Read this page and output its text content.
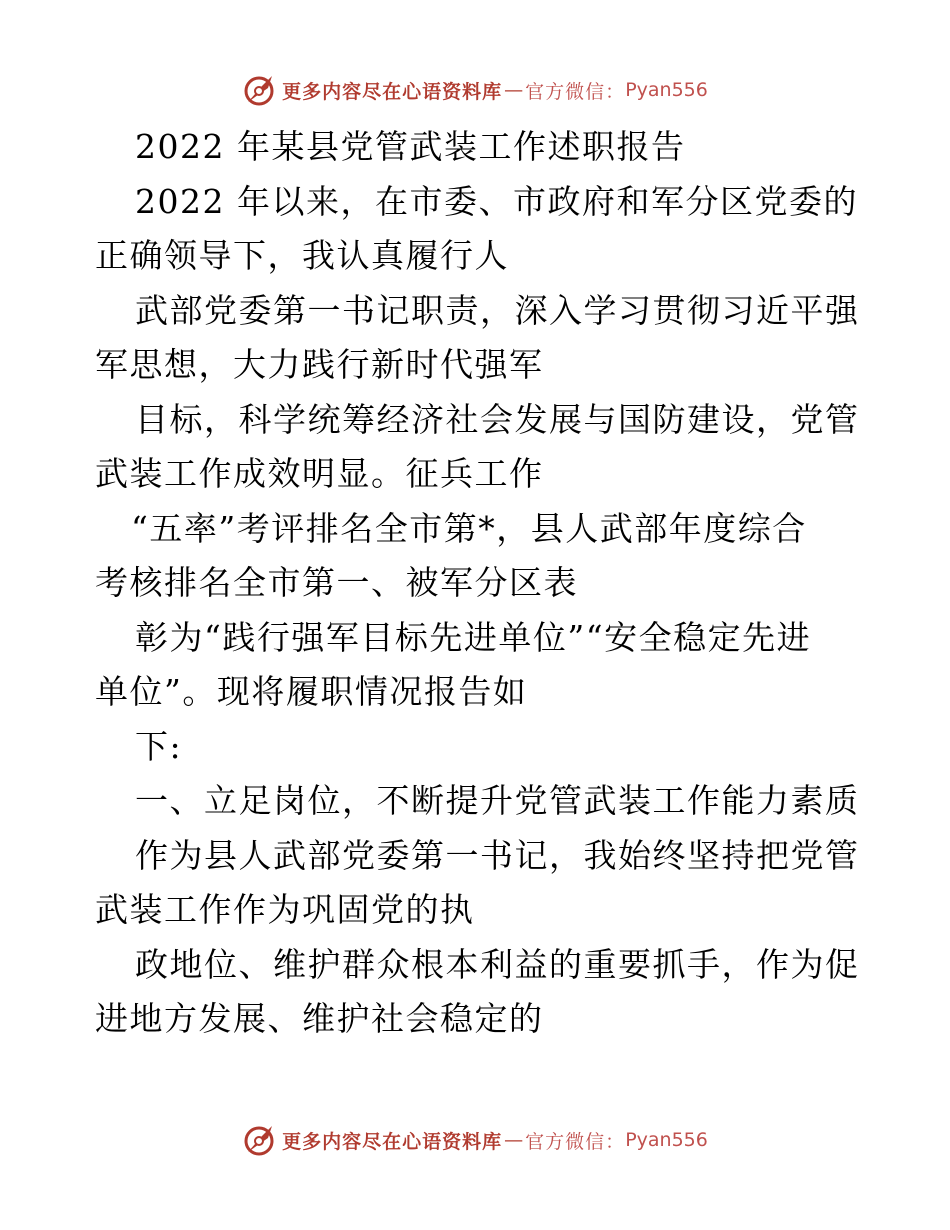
更多内容尽在心语资料库 — 官方微信： Pyan556
2022 年某县党管武装工作述职报告
2022 年以来，在市委、市政府和军分区党委的
正确领导下，我认真履行人
武部党委第一书记职责，深入学习贯彻习近平强
军思想，大力践行新时代强军
目标，科学统筹经济社会发展与国防建设，党管
武装工作成效明显。征兵工作
“五率”考评排名全市第*，县人武部年度综合
考核排名全市第一、被军分区表
彰为“践行强军目标先进单位”“安全稳定先进
单位”。现将履职情况报告如
下:
一、立足岗位，不断提升党管武装工作能力素质
作为县人武部党委第一书记，我始终坚持把党管
武装工作作为巩固党的执
政地位、维护群众根本利益的重要抓手，作为促
进地方发展、维护社会稳定的
更多内容尽在心语资料库 — 官方微信： Pyan556
